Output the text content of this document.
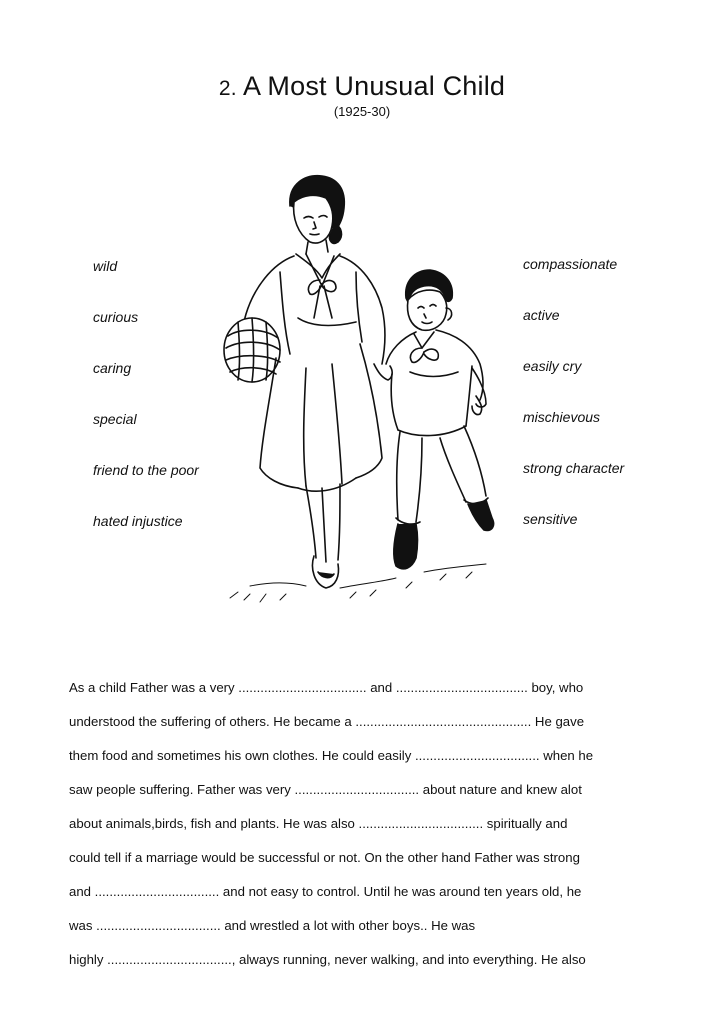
2. A Most Unusual Child
(1925-30)
wild
curious
caring
special
friend to the poor
hated injustice
compassionate
active
easily cry
mischievous
strong character
sensitive
As a child Father was a very ................................... and .................................... boy, who
understood the suffering of others. He became a ................................................ He gave
them food and sometimes his own clothes. He could easily .................................. when he
saw people suffering. Father was very .................................. about nature and knew alot
about animals,birds, fish and plants. He was also .................................. spiritually and
could tell if a marriage would be successful or not. On the other hand Father was strong
and .................................. and not easy to control. Until he was around ten years old, he
was .................................. and wrestled a lot with other boys.. He was
highly .................................., always running, never walking, and into everything. He also
